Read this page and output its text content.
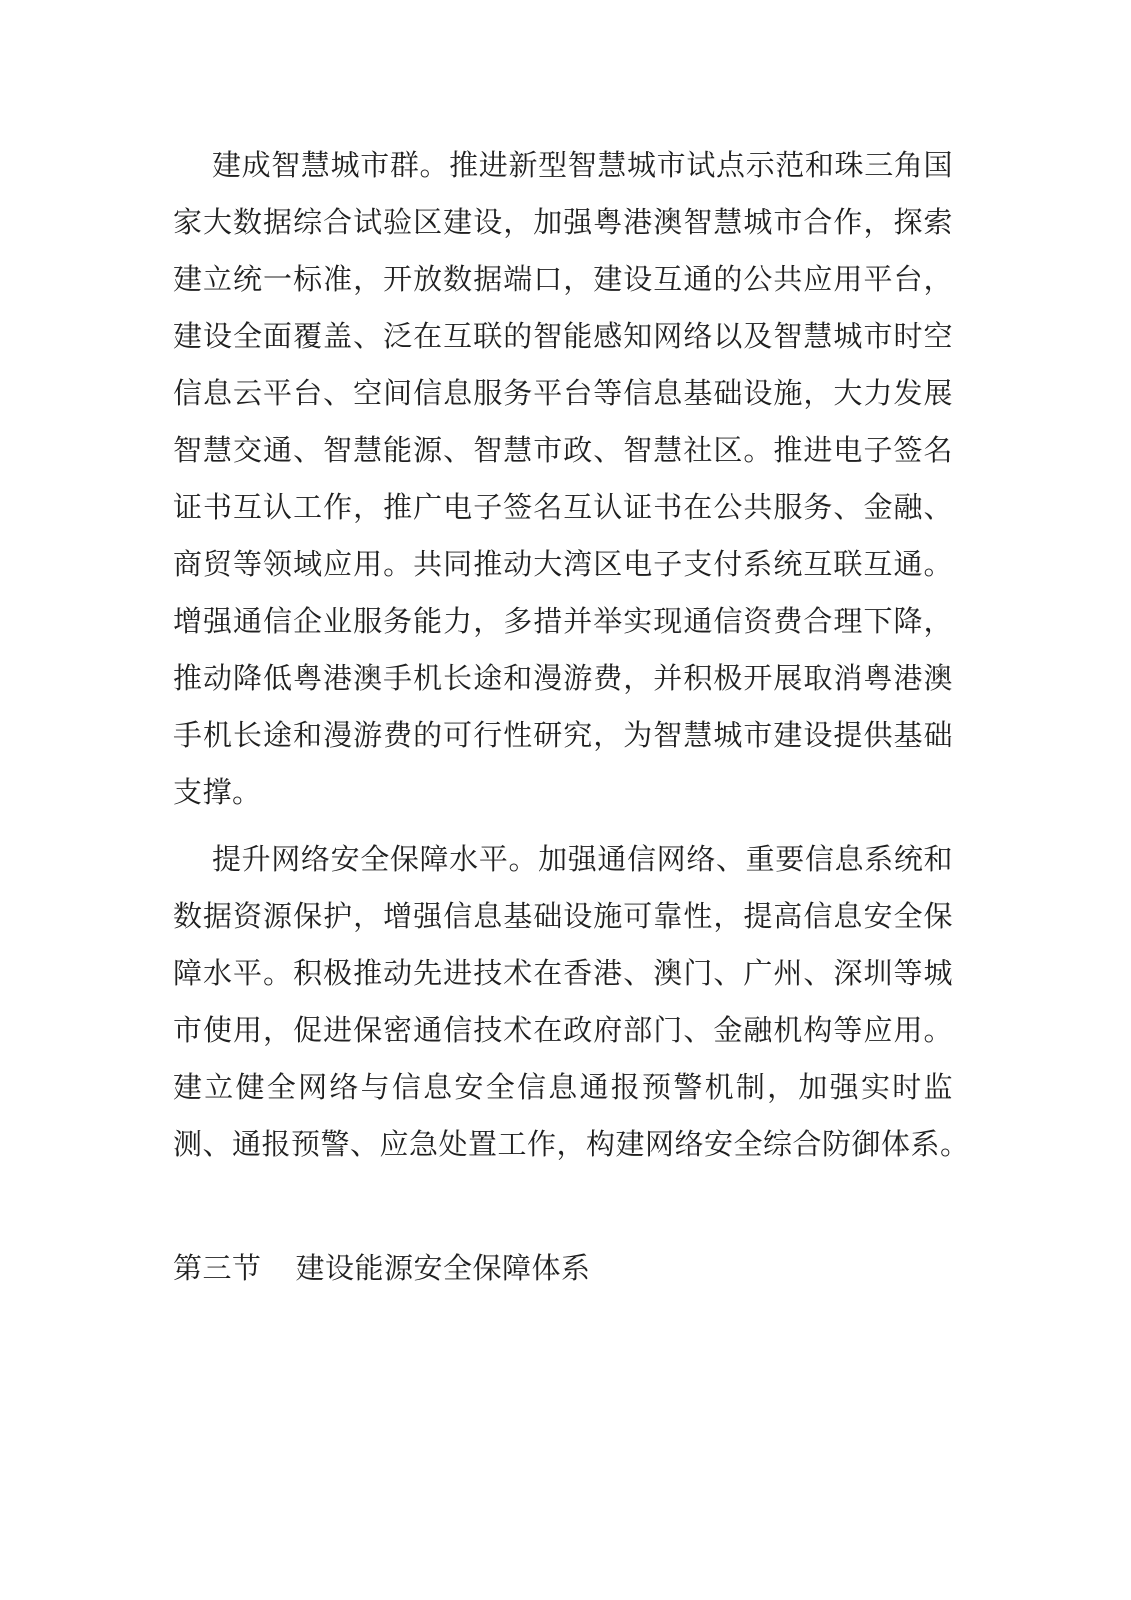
建成智慧城市群。推进新型智慧城市试点示范和珠三角国
家大数据综合试验区建设，加强粤港澳智慧城市合作，探索
建立统一标准，开放数据端口，建设互通的公共应用平台，
建设全面覆盖、泛在互联的智能感知网络以及智慧城市时空
信息云平台、空间信息服务平台等信息基础设施，大力发展
智慧交通、智慧能源、智慧市政、智慧社区。推进电子签名
证书互认工作，推广电子签名互认证书在公共服务、金融、
商贸等领域应用。共同推动大湾区电子支付系统互联互通。
增强通信企业服务能力，多措并举实现通信资费合理下降，
推动降低粤港澳手机长途和漫游费，并积极开展取消粤港澳
手机长途和漫游费的可行性研究，为智慧城市建设提供基础
支撑。
提升网络安全保障水平。加强通信网络、重要信息系统和
数据资源保护，增强信息基础设施可靠性，提高信息安全保
障水平。积极推动先进技术在香港、澳门、广州、深圳等城
市使用，促进保密通信技术在政府部门、金融机构等应用。
建立健全网络与信息安全信息通报预警机制，加强实时监
测、通报预警、应急处置工作，构建网络安全综合防御体系。
第三节 建设能源安全保障体系
